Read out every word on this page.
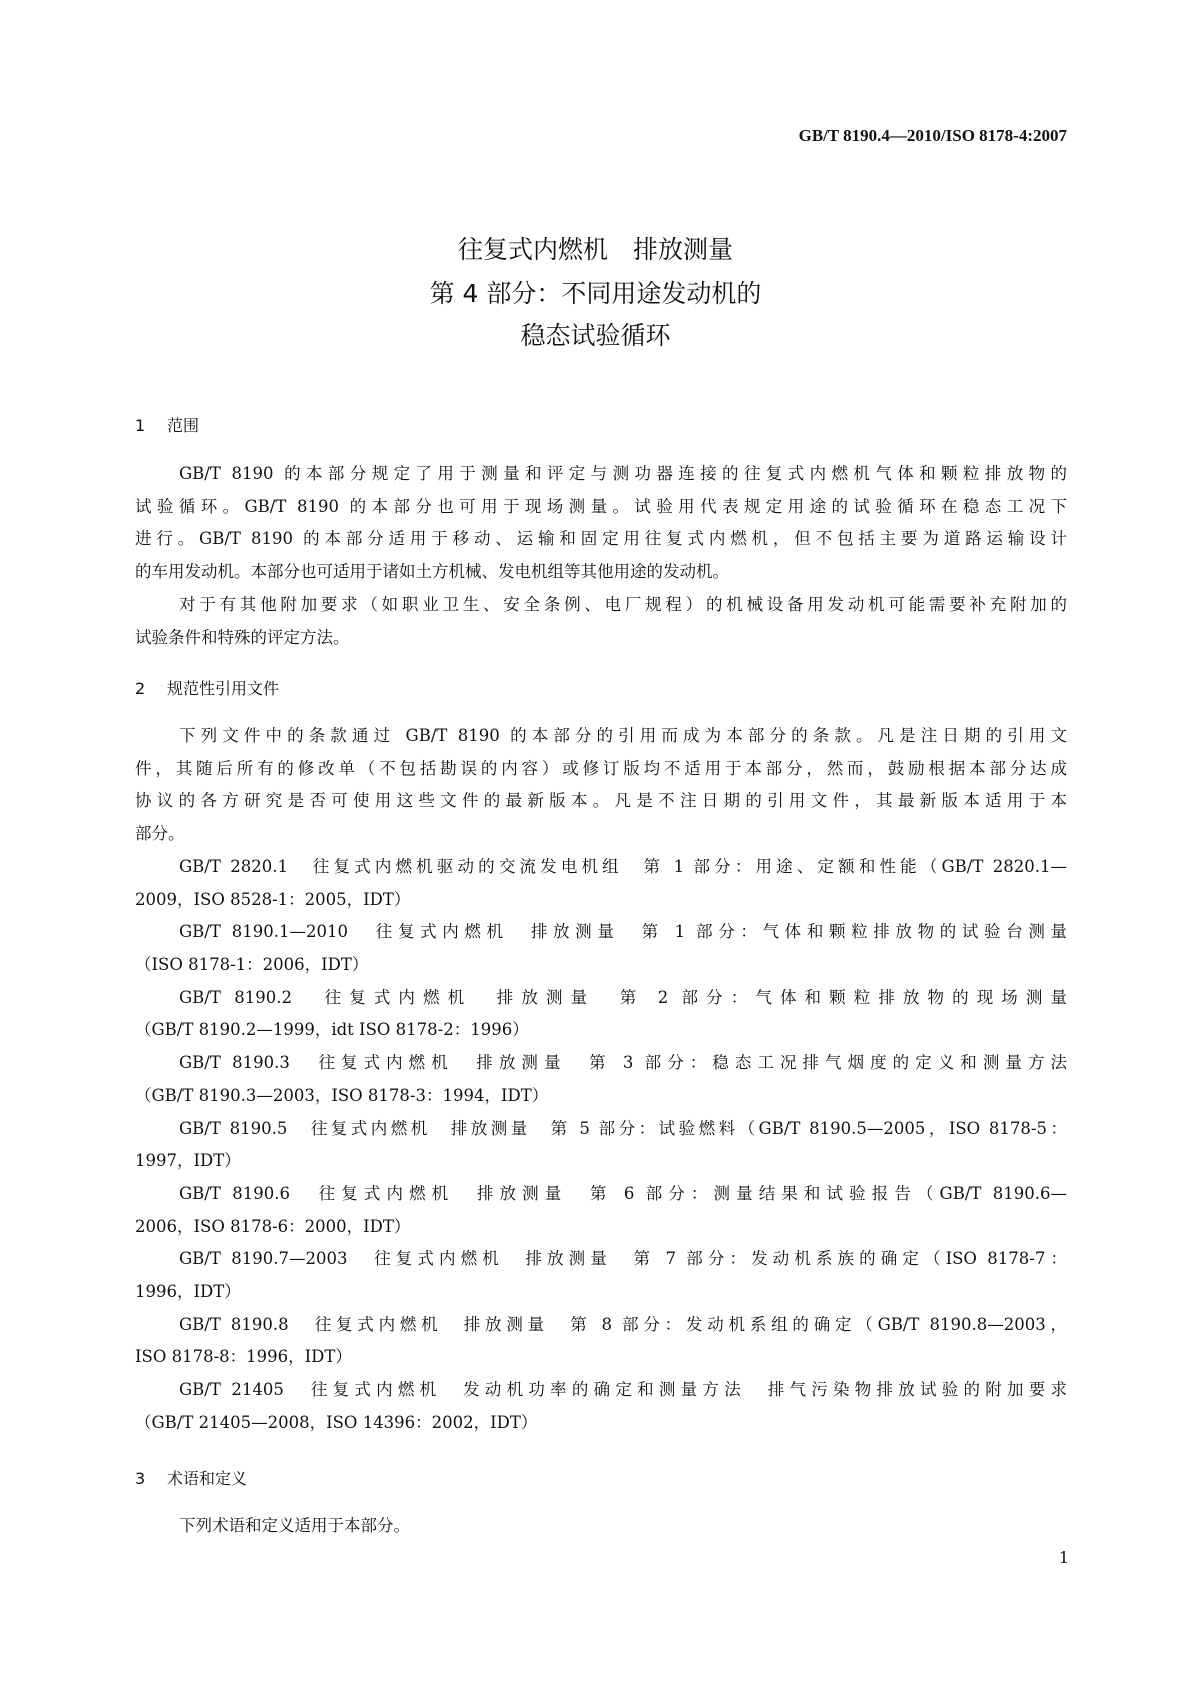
GB/T 8190.4—2010/ISO 8178-4:2007
往复式内燃机　排放测量
第 4 部分：不同用途发动机的
稳态试验循环
1 范围
GB/T 8190 的本部分规定了用于测量和评定与测功器连接的往复式内燃机气体和颗粒排放物的
试验循环。GB/T 8190 的本部分也可用于现场测量。试验用代表规定用途的试验循环在稳态工况下
进行。GB/T 8190 的本部分适用于移动、运输和固定用往复式内燃机，但不包括主要为道路运输设计
的车用发动机。本部分也可适用于诸如土方机械、发电机组等其他用途的发动机。
对于有其他附加要求（如职业卫生、安全条例、电厂规程）的机械设备用发动机可能需要补充附加的
试验条件和特殊的评定方法。
2 规范性引用文件
下列文件中的条款通过 GB/T 8190 的本部分的引用而成为本部分的条款。凡是注日期的引用文
件，其随后所有的修改单（不包括勘误的内容）或修订版均不适用于本部分，然而，鼓励根据本部分达成
协议的各方研究是否可使用这些文件的最新版本。凡是不注日期的引用文件，其最新版本适用于本
部分。
GB/T 2820.1　往复式内燃机驱动的交流发电机组　第 1 部分：用途、定额和性能（GB/T 2820.1—
2009，ISO 8528-1：2005，IDT）
GB/T 8190.1—2010　往复式内燃机　排放测量　第 1 部分：气体和颗粒排放物的试验台测量
（ISO 8178-1：2006，IDT）
GB/T 8190.2　往复式内燃机　排放测量　第 2 部分：气体和颗粒排放物的现场测量
（GB/T 8190.2—1999，idt ISO 8178-2：1996）
GB/T 8190.3　往复式内燃机　排放测量　第 3 部分：稳态工况排气烟度的定义和测量方法
（GB/T 8190.3—2003，ISO 8178-3：1994，IDT）
GB/T 8190.5　往复式内燃机　排放测量　第 5 部分：试验燃料（GB/T 8190.5—2005，ISO 8178-5：
1997，IDT）
GB/T 8190.6　往复式内燃机　排放测量　第 6 部分：测量结果和试验报告（GB/T 8190.6—
2006，ISO 8178-6：2000，IDT）
GB/T 8190.7—2003　往复式内燃机　排放测量　第 7 部分：发动机系族的确定（ISO 8178-7：
1996，IDT）
GB/T 8190.8　往复式内燃机　排放测量　第 8 部分：发动机系组的确定（GB/T 8190.8—2003，
ISO 8178-8：1996，IDT）
GB/T 21405　往复式内燃机　发动机功率的确定和测量方法　排气污染物排放试验的附加要求
（GB/T 21405—2008，ISO 14396：2002，IDT）
3 术语和定义
下列术语和定义适用于本部分。
1
